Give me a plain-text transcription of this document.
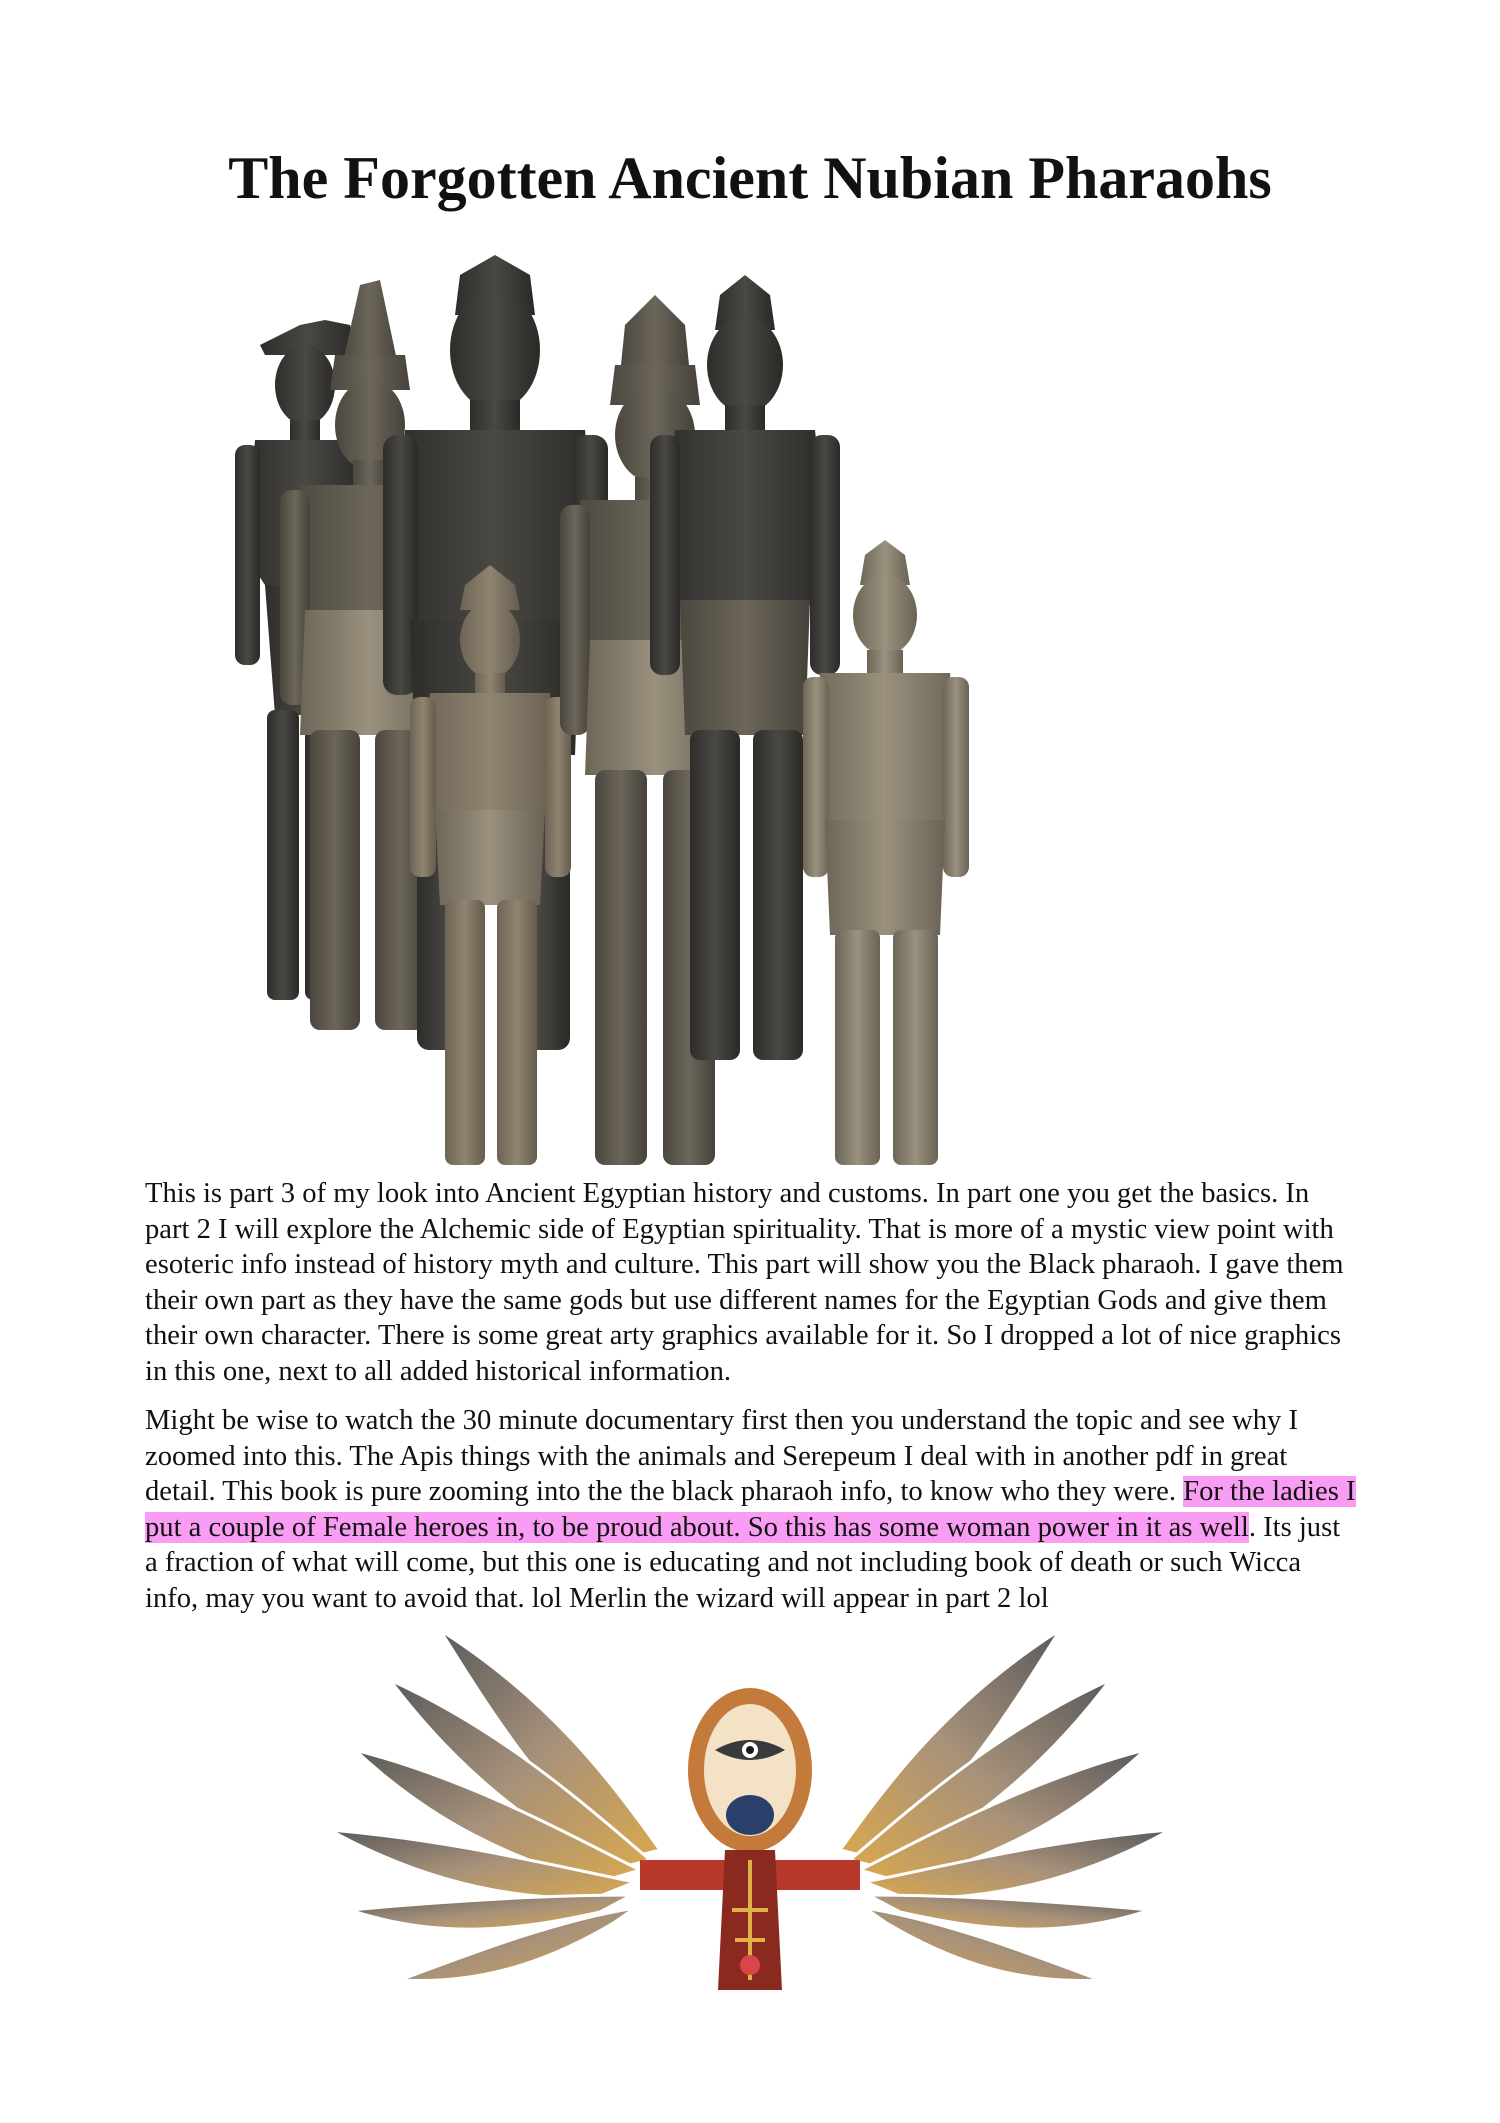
The Forgotten Ancient Nubian Pharaohs

This is part 3 of my look into Ancient Egyptian history and customs. In part one you get the basics. In part 2 I will explore the Alchemic side of Egyptian spirituality. That is more of a mystic view point with esoteric info instead of history myth and culture. This part will show you the Black pharaoh. I gave them their own part as they have the same gods but use different names for the Egyptian Gods and give them their own character. There is some great arty graphics available for it. So I dropped a lot of nice graphics in this one, next to all added historical information.

Might be wise to watch the 30 minute documentary first then you understand the topic and see why I zoomed into this. The Apis things with the animals and Serepeum I deal with in another pdf in great detail. This book is pure zooming into the the black pharaoh info, to know who they were. For the ladies I put a couple of Female heroes in, to be proud about. So this has some woman power in it as well. Its just a fraction of what will come, but this one is educating and not including book of death or such Wicca info, may you want to avoid that. lol Merlin the wizard will appear in part 2 lol
